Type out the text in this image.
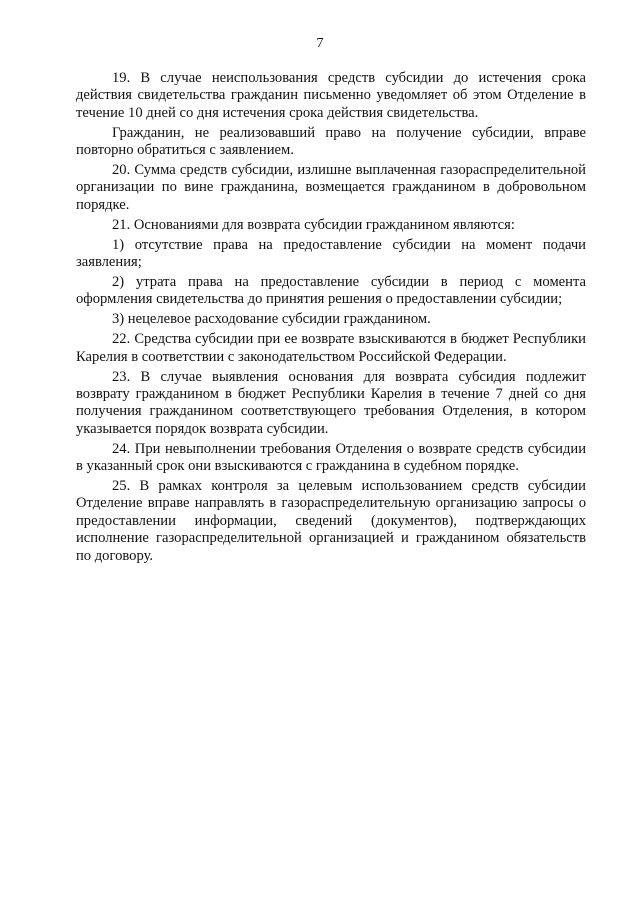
7

19. В случае неиспользования средств субсидии до истечения срока действия свидетельства гражданин письменно уведомляет об этом Отделение в течение 10 дней со дня истечения срока действия свидетельства.

Гражданин, не реализовавший право на получение субсидии, вправе повторно обратиться с заявлением.

20. Сумма средств субсидии, излишне выплаченная газораспределительной организации по вине гражданина, возмещается гражданином в добровольном порядке.

21. Основаниями для возврата субсидии гражданином являются:

1) отсутствие права на предоставление субсидии на момент подачи заявления;

2) утрата права на предоставление субсидии в период с момента оформления свидетельства до принятия решения о предоставлении субсидии;

3) нецелевое расходование субсидии гражданином.

22. Средства субсидии при ее возврате взыскиваются в бюджет Республики Карелия в соответствии с законодательством Российской Федерации.

23. В случае выявления основания для возврата субсидия подлежит возврату гражданином в бюджет Республики Карелия в течение 7 дней со дня получения гражданином соответствующего требования Отделения, в котором указывается порядок возврата субсидии.

24. При невыполнении требования Отделения о возврате средств субсидии в указанный срок они взыскиваются с гражданина в судебном порядке.

25. В рамках контроля за целевым использованием средств субсидии Отделение вправе направлять в газораспределительную организацию запросы о предоставлении информации, сведений (документов), подтверждающих исполнение газораспределительной организацией и гражданином обязательств по договору.
